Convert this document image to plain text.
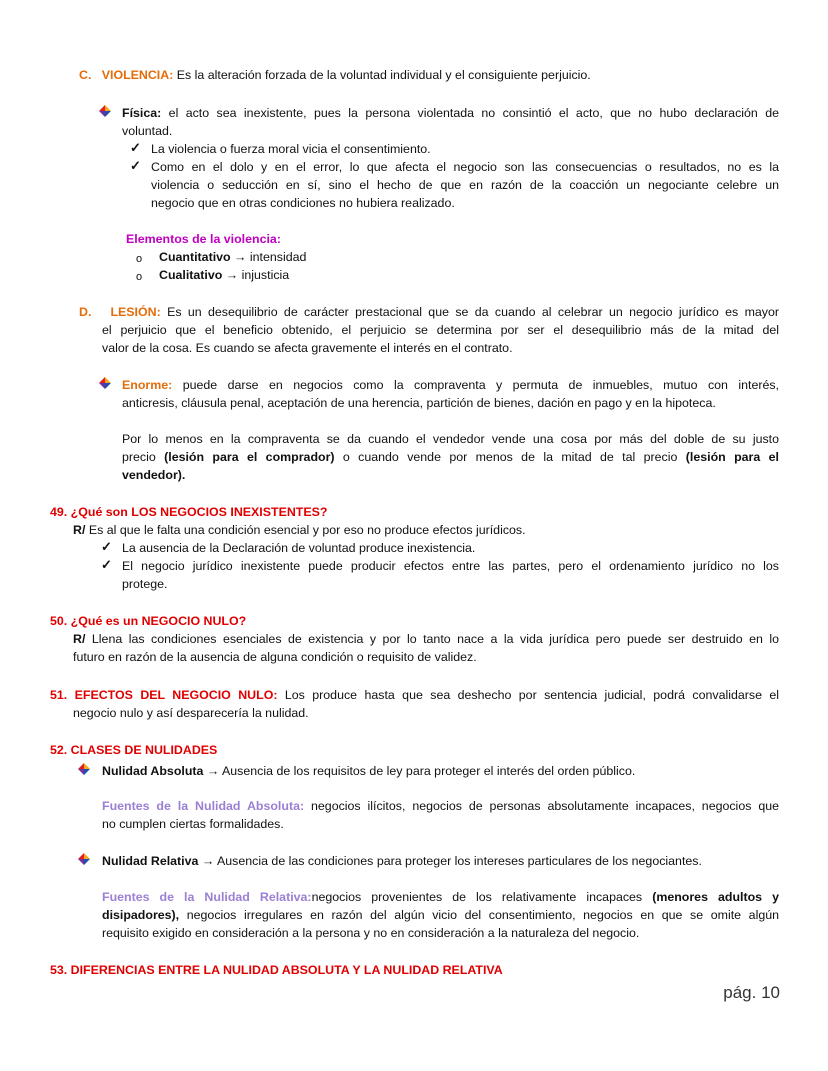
C. VIOLENCIA: Es la alteración forzada de la voluntad individual y el consiguiente perjuicio.
Física: el acto sea inexistente, pues la persona violentada no consintió el acto, que no hubo declaración de
voluntad.
✓ La violencia o fuerza moral vicia el consentimiento.
✓ Como en el dolo y en el error, lo que afecta el negocio son las consecuencias o resultados, no es la
violencia o seducción en sí, sino el hecho de que en razón de la coacción un negociante celebre un
negocio que en otras condiciones no hubiera realizado.
Elementos de la violencia:
o Cuantitativo → intensidad
o Cualitativo → injusticia
D. LESIÓN: Es un desequilibrio de carácter prestacional que se da cuando al celebrar un negocio jurídico es mayor
el perjuicio que el beneficio obtenido, el perjuicio se determina por ser el desequilibrio más de la mitad del
valor de la cosa. Es cuando se afecta gravemente el interés en el contrato.
Enorme: puede darse en negocios como la compraventa y permuta de inmuebles, mutuo con interés,
anticresis, cláusula penal, aceptación de una herencia, partición de bienes, dación en pago y en la hipoteca.
Por lo menos en la compraventa se da cuando el vendedor vende una cosa por más del doble de su justo
precio (lesión para el comprador) o cuando vende por menos de la mitad de tal precio (lesión para el
vendedor).
49. ¿Qué son LOS NEGOCIOS INEXISTENTES?
R/ Es al que le falta una condición esencial y por eso no produce efectos jurídicos.
✓ La ausencia de la Declaración de voluntad produce inexistencia.
✓ El negocio jurídico inexistente puede producir efectos entre las partes, pero el ordenamiento jurídico no los
protege.
50. ¿Qué es un NEGOCIO NULO?
R/ Llena las condiciones esenciales de existencia y por lo tanto nace a la vida jurídica pero puede ser destruido en lo
futuro en razón de la ausencia de alguna condición o requisito de validez.
51. EFECTOS DEL NEGOCIO NULO: Los produce hasta que sea deshecho por sentencia judicial, podrá convalidarse el
negocio nulo y así desparecería la nulidad.
52. CLASES DE NULIDADES
Nulidad Absoluta → Ausencia de los requisitos de ley para proteger el interés del orden público.
Fuentes de la Nulidad Absoluta: negocios ilícitos, negocios de personas absolutamente incapaces, negocios que
no cumplen ciertas formalidades.
Nulidad Relativa → Ausencia de las condiciones para proteger los intereses particulares de los negociantes.
Fuentes de la Nulidad Relativa:negocios provenientes de los relativamente incapaces (menores adultos y
disipadores), negocios irregulares en razón del algún vicio del consentimiento, negocios en que se omite algún
requisito exigido en consideración a la persona y no en consideración a la naturaleza del negocio.
53. DIFERENCIAS ENTRE LA NULIDAD ABSOLUTA Y LA NULIDAD RELATIVA
pág. 10
